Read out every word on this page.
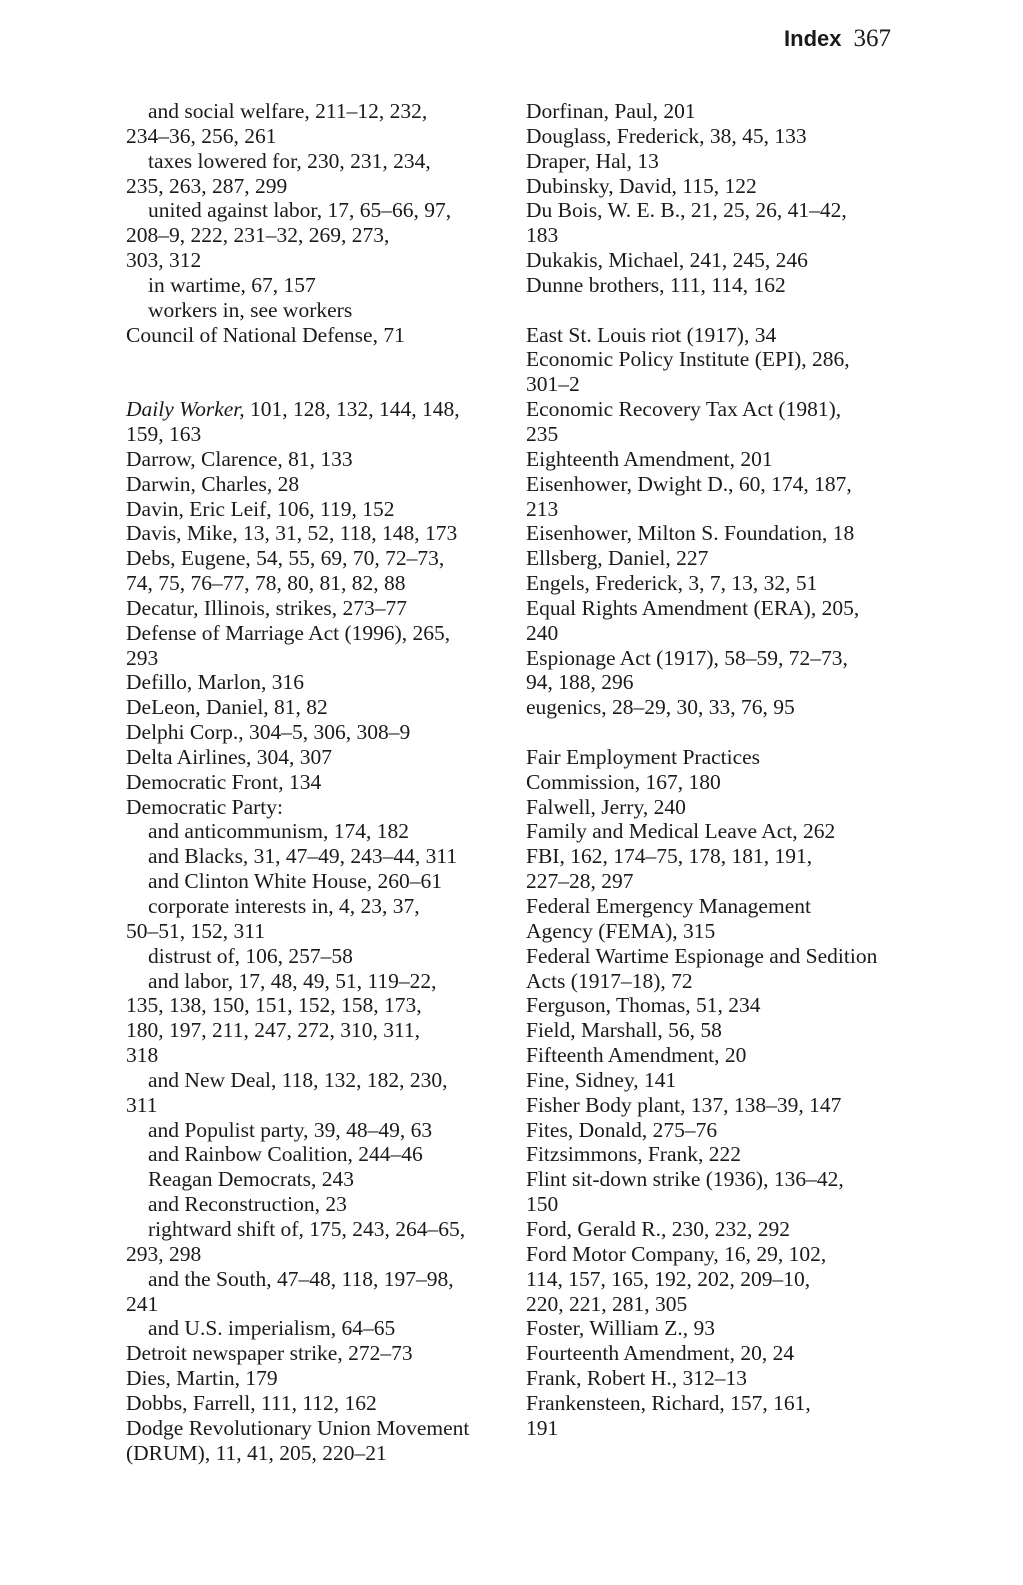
Index 367

and social welfare, 211–12, 232,

234–36, 256, 261

taxes lowered for, 230, 231, 234,

235, 263, 287, 299

united against labor, 17, 65–66, 97,

208–9, 222, 231–32, 269, 273,

303, 312

in wartime, 67, 157

workers in, see workers

Council of National Defense, 71

Daily Worker, 101, 128, 132, 144, 148,

159, 163

Darrow, Clarence, 81, 133

Darwin, Charles, 28

Davin, Eric Leif, 106, 119, 152

Davis, Mike, 13, 31, 52, 118, 148, 173

Debs, Eugene, 54, 55, 69, 70, 72–73,

74, 75, 76–77, 78, 80, 81, 82, 88

Decatur, Illinois, strikes, 273–77

Defense of Marriage Act (1996), 265,

293

Defillo, Marlon, 316

DeLeon, Daniel, 81, 82

Delphi Corp., 304–5, 306, 308–9

Delta Airlines, 304, 307

Democratic Front, 134

Democratic Party:

and anticommunism, 174, 182

and Blacks, 31, 47–49, 243–44, 311

and Clinton White House, 260–61

corporate interests in, 4, 23, 37,

50–51, 152, 311

distrust of, 106, 257–58

and labor, 17, 48, 49, 51, 119–22,

135, 138, 150, 151, 152, 158, 173,

180, 197, 211, 247, 272, 310, 311,

318

and New Deal, 118, 132, 182, 230,

311

and Populist party, 39, 48–49, 63

and Rainbow Coalition, 244–46

Reagan Democrats, 243

and Reconstruction, 23

rightward shift of, 175, 243, 264–65,

293, 298

and the South, 47–48, 118, 197–98,

241

and U.S. imperialism, 64–65

Detroit newspaper strike, 272–73

Dies, Martin, 179

Dobbs, Farrell, 111, 112, 162

Dodge Revolutionary Union Movement

(DRUM), 11, 41, 205, 220–21

Dorfinan, Paul, 201

Douglass, Frederick, 38, 45, 133

Draper, Hal, 13

Dubinsky, David, 115, 122

Du Bois, W. E. B., 21, 25, 26, 41–42,

183

Dukakis, Michael, 241, 245, 246

Dunne brothers, 111, 114, 162

East St. Louis riot (1917), 34

Economic Policy Institute (EPI), 286,

301–2

Economic Recovery Tax Act (1981),

235

Eighteenth Amendment, 201

Eisenhower, Dwight D., 60, 174, 187,

213

Eisenhower, Milton S. Foundation, 18

Ellsberg, Daniel, 227

Engels, Frederick, 3, 7, 13, 32, 51

Equal Rights Amendment (ERA), 205,

240

Espionage Act (1917), 58–59, 72–73,

94, 188, 296

eugenics, 28–29, 30, 33, 76, 95

Fair Employment Practices

Commission, 167, 180

Falwell, Jerry, 240

Family and Medical Leave Act, 262

FBI, 162, 174–75, 178, 181, 191,

227–28, 297

Federal Emergency Management

Agency (FEMA), 315

Federal Wartime Espionage and Sedition

Acts (1917–18), 72

Ferguson, Thomas, 51, 234

Field, Marshall, 56, 58

Fifteenth Amendment, 20

Fine, Sidney, 141

Fisher Body plant, 137, 138–39, 147

Fites, Donald, 275–76

Fitzsimmons, Frank, 222

Flint sit-down strike (1936), 136–42,

150

Ford, Gerald R., 230, 232, 292

Ford Motor Company, 16, 29, 102,

114, 157, 165, 192, 202, 209–10,

220, 221, 281, 305

Foster, William Z., 93

Fourteenth Amendment, 20, 24

Frank, Robert H., 312–13

Frankensteen, Richard, 157, 161,

191
